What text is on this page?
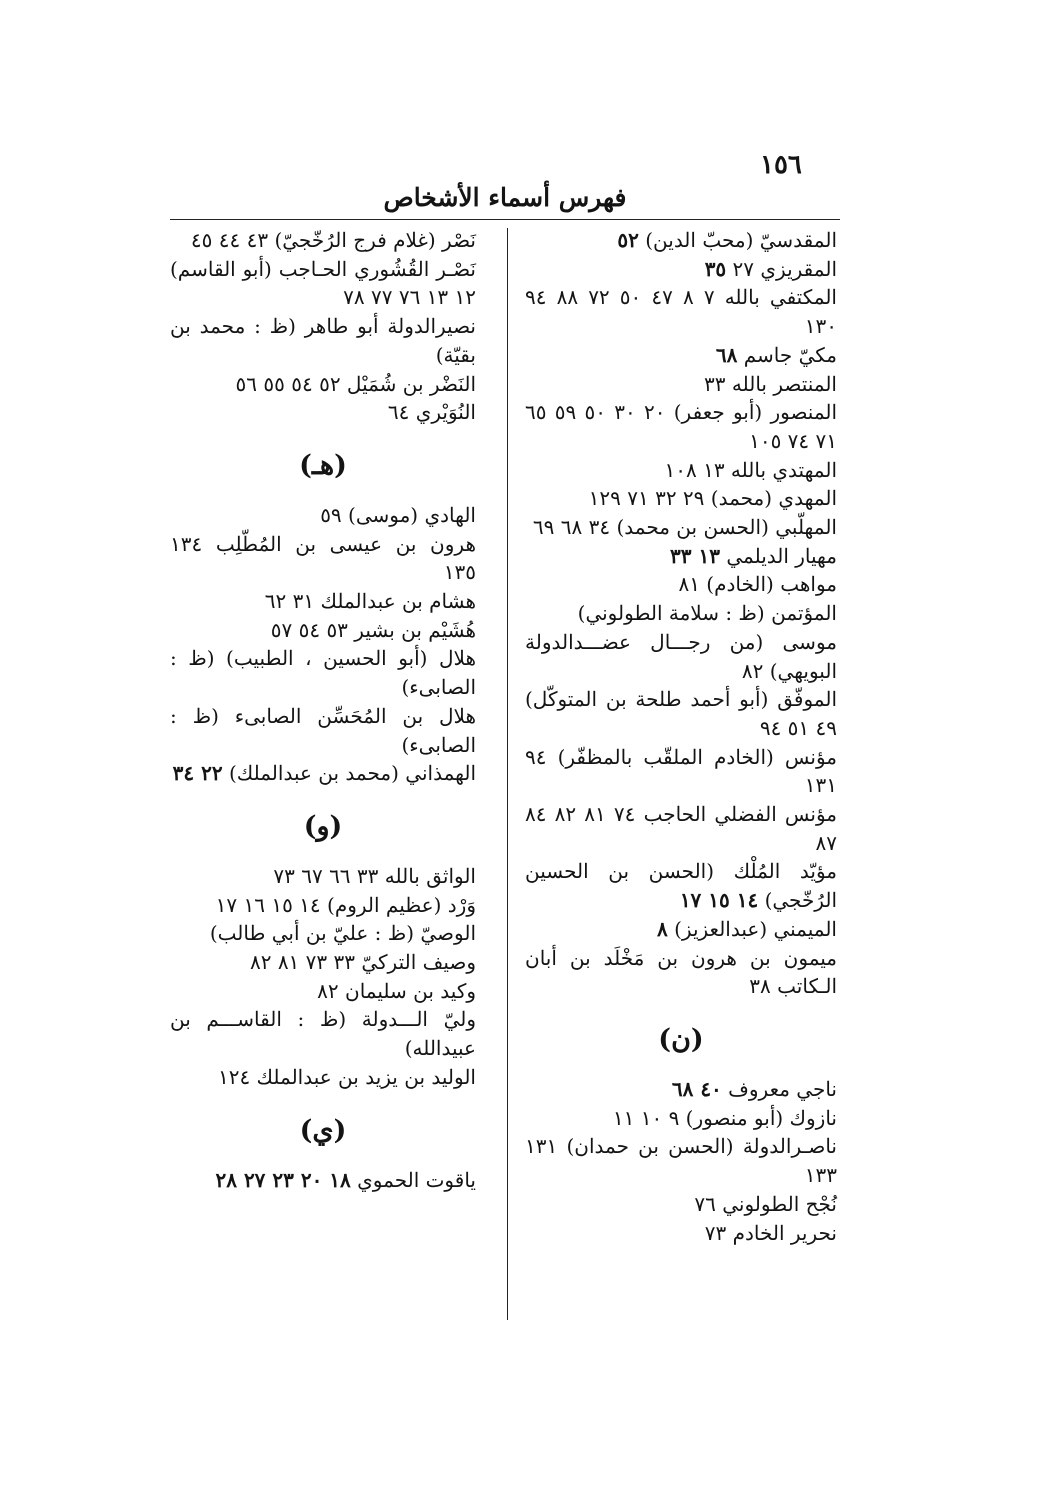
١٥٦
فهرس أسماء الأشخاص
المقدسيّ (محبّ الدين) ٥٢
المقريزي ٢٧ ٣٥
المكتفي بالله ٧ ٨ ٤٧ ٥٠ ٧٢ ٨٨ ٩٤ ١٣٠
مكيّ جاسم ٦٨
المنتصر بالله ٣٣
المنصور (أبو جعفر) ٢٠ ٣٠ ٥٠ ٥٩ ٦٥ ٧١ ٧٤ ١٠٥
المهتدي بالله ١٣ ١٠٨
المهدي (محمد) ٢٩ ٣٢ ٧١ ١٢٩
المهلّبي (الحسن بن محمد) ٣٤ ٦٨ ٦٩
مهيار الديلمي ١٣ ٣٣
مواهب (الخادم) ٨١
المؤتمن (ظ : سلامة الطولوني)
موسى (من رجـــال عضـــدالدولة البويهي) ٨٢
الموفّق (أبو أحمد طلحة بن المتوكّل) ٤٩ ٥١ ٩٤
مؤنس (الخادم الملقّب بالمظفّر) ٩٤ ١٣١
مؤنس الفضلي الحاجب ٧٤ ٨١ ٨٢ ٨٤ ٨٧
مؤيّد المُلْك (الحسن بن الحسين الرُخّجي) ١٤ ١٥ ١٧
الميمني (عبدالعزيز) ٨
ميمون بن هرون بن مَخْلَد بن أبان الـكاتب ٣٨
(ن)
ناجي معروف ٤٠ ٦٨
نازوك (أبو منصور) ٩ ١٠ ١١
ناصـرالدولة (الحسن بن حمدان) ١٣١ ١٣٣
نُجْح الطولوني ٧٦
نحرير الخادم ٧٣
نَصْر (غلام فرج الرُخّجيّ) ٤٣ ٤٤ ٤٥
نَصْـر القُشُوري الحـاجب (أبو القاسم) ١٢ ١٣ ٧٦ ٧٧ ٧٨
نصيرالدولة أبو طاهر (ظ : محمد بن بقيّة)
النَضْر بن شُمَيْل ٥٢ ٥٤ ٥٥ ٥٦
النُوَيْري ٦٤
(هـ)
الهادي (موسى) ٥٩
هرون بن عيسى بن المُطّلِب ١٣٤ ١٣٥
هشام بن عبدالملك ٣١ ٦٢
هُشَيْم بن بشير ٥٣ ٥٤ ٥٧
هلال (أبو الحسين ، الطبيب) (ظ : الصابىء)
هلال بن المُحَسِّن الصابىء (ظ : الصابىء)
الهمذاني (محمد بن عبدالملك) ٢٢ ٣٤
(و)
الواثق بالله ٣٣ ٦٦ ٦٧ ٧٣
وَرْد (عظيم الروم) ١٤ ١٥ ١٦ ١٧
الوصيّ (ظ : عليّ بن أبي طالب)
وصيف التركيّ ٣٣ ٧٣ ٨١ ٨٢
وكيد بن سليمان ٨٢
وليّ الـــدولة (ظ : القاســـم بن عبيدالله)
الوليد بن يزيد بن عبدالملك ١٢٤
(ي)
ياقوت الحموي ١٨ ٢٠ ٢٣ ٢٧ ٢٨
